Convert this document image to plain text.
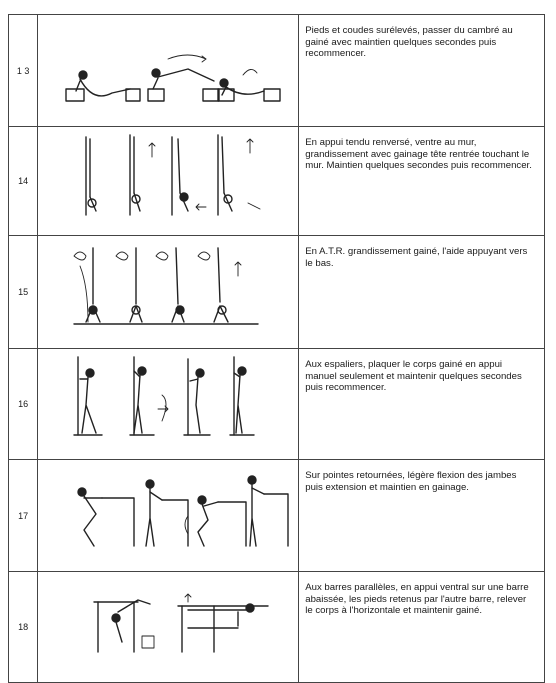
1 3		Pieds et coudes surélevés, passer du cambré au gainé avec maintien quelques secondes puis recommencer.
14		En appui tendu renversé, ventre au mur, grandissement avec gainage tête rentrée touchant le mur. Maintien quelques secondes puis recommencer.
15		En A.T.R. grandissement gainé, l'aide appuyant vers le bas.
16		Aux espaliers, plaquer le corps gainé en appui manuel seulement et maintenir quelques secondes puis recommencer.
17		Sur pointes retournées, légère flexion des jambes puis extension et maintien en gainage.
18		Aux barres parallèles, en appui ventral sur une barre abaissée, les pieds retenus par l'autre barre, relever le corps à l'horizontale et maintenir gainé.
